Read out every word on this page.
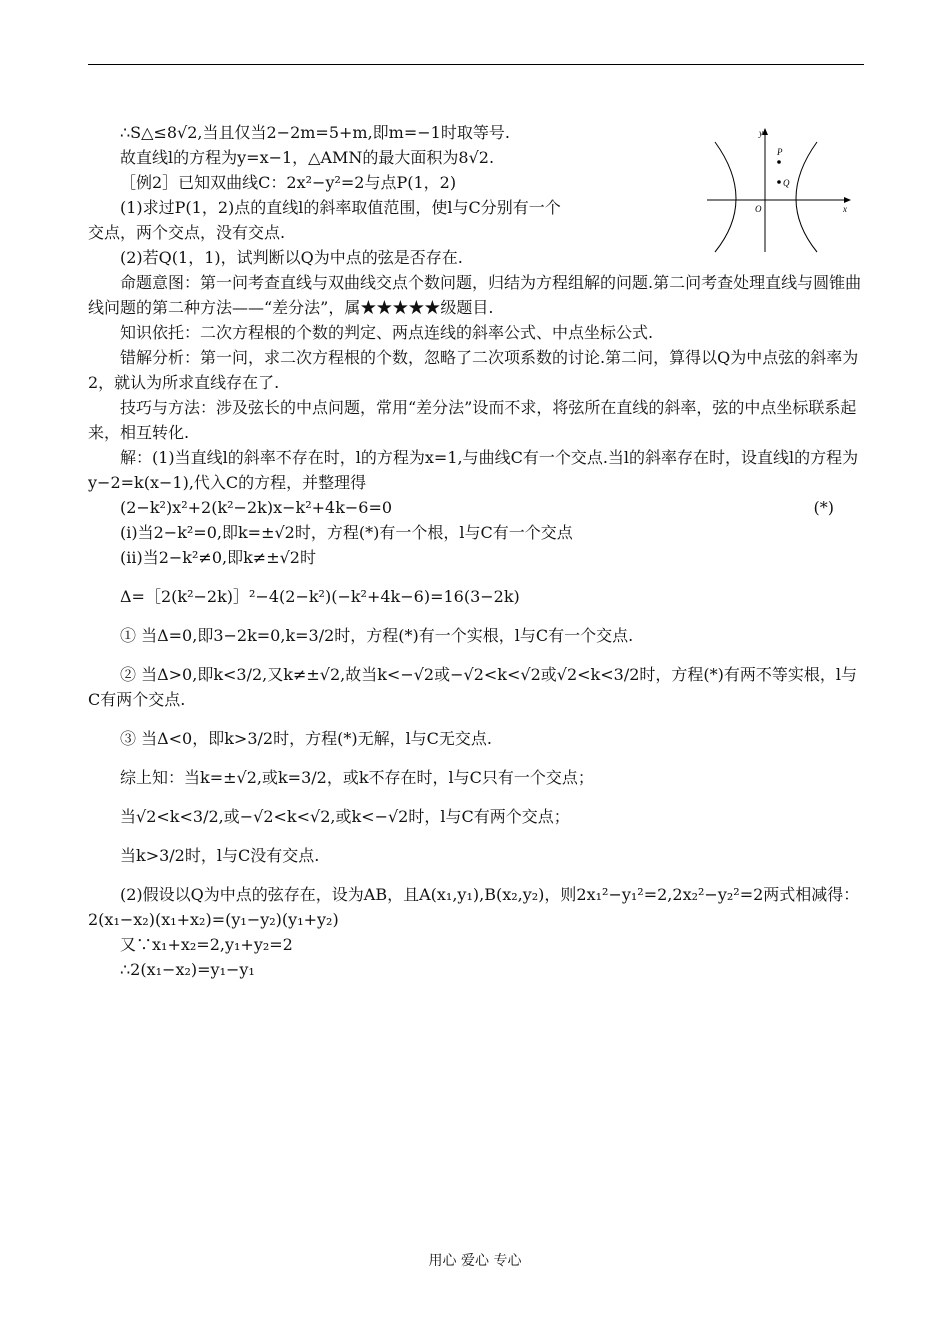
y
x
O
P
Q

∴S△≤8√2,当且仅当2−2m=5+m,即m=−1时取等号.

故直线l的方程为y=x−1，△AMN的最大面积为8√2.

［例2］已知双曲线C：2x²−y²=2与点P(1，2)

(1)求过P(1，2)点的直线l的斜率取值范围，使l与C分别有一个

交点，两个交点，没有交点.

(2)若Q(1，1)，试判断以Q为中点的弦是否存在.

命题意图：第一问考查直线与双曲线交点个数问题，归结为方程组解的问题.第二问考查处理直线与圆锥曲线问题的第二种方法——“差分法”，属★★★★★级题目.

知识依托：二次方程根的个数的判定、两点连线的斜率公式、中点坐标公式.

错解分析：第一问，求二次方程根的个数，忽略了二次项系数的讨论.第二问，算得以Q为中点弦的斜率为2，就认为所求直线存在了.

技巧与方法：涉及弦长的中点问题，常用“差分法”设而不求，将弦所在直线的斜率，弦的中点坐标联系起来，相互转化.

解：(1)当直线l的斜率不存在时，l的方程为x=1,与曲线C有一个交点.当l的斜率存在时，设直线l的方程为y−2=k(x−1),代入C的方程，并整理得

(2−k²)x²+2(k²−2k)x−k²+4k−6=0	(*)

(ⅰ)当2−k²=0,即k=±√2时，方程(*)有一个根，l与C有一个交点

(ⅱ)当2−k²≠0,即k≠±√2时

Δ=［2(k²−2k)］²−4(2−k²)(−k²+4k−6)=16(3−2k)

① 当Δ=0,即3−2k=0,k=3/2时，方程(*)有一个实根，l与C有一个交点.

② 当Δ>0,即k<3/2,又k≠±√2,故当k<−√2或−√2<k<√2或√2<k<3/2时，方程(*)有两不等实根，l与C有两个交点.

③ 当Δ<0，即k>3/2时，方程(*)无解，l与C无交点.

综上知：当k=±√2,或k=3/2，或k不存在时，l与C只有一个交点；

当√2<k<3/2,或−√2<k<√2,或k<−√2时，l与C有两个交点；

当k>3/2时，l与C没有交点.

(2)假设以Q为中点的弦存在，设为AB，且A(x₁,y₁),B(x₂,y₂)，则2x₁²−y₁²=2,2x₂²−y₂²=2两式相减得：2(x₁−x₂)(x₁+x₂)=(y₁−y₂)(y₁+y₂)

又∵x₁+x₂=2,y₁+y₂=2

∴2(x₁−x₂)=y₁−y₁

用心 爱心 专心
